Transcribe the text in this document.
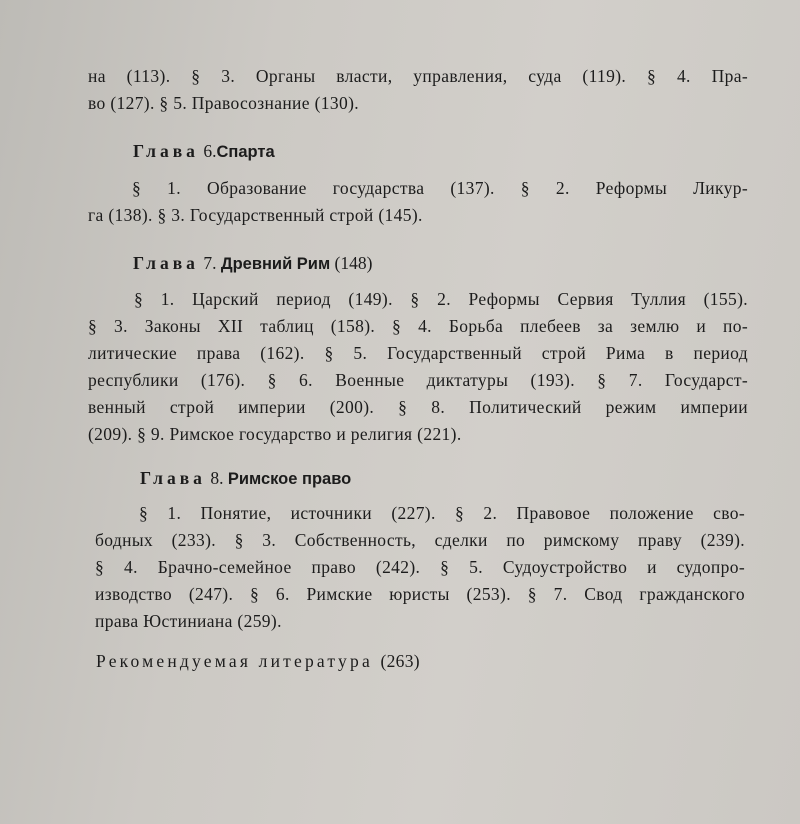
на (113). § 3. Органы власти, управления, суда (119). § 4. Пра-
во (127). § 5. Правосознание (130).
Глава 6.Спарта
§ 1. Образование государства (137). § 2. Реформы Ликур-
га (138). § 3. Государственный строй (145).
Глава 7. Древний Рим (148)
§ 1. Царский период (149). § 2. Реформы Сервия Туллия (155).
§ 3. Законы XII таблиц (158). § 4. Борьба плебеев за землю и по-
литические права (162). § 5. Государственный строй Рима в период
республики (176). § 6. Военные диктатуры (193). § 7. Государст-
венный строй империи (200). § 8. Политический режим империи
(209). § 9. Римское государство и религия (221).
Глава 8. Римское право
§ 1. Понятие, источники (227). § 2. Правовое положение сво-
бодных (233). § 3. Собственность, сделки по римскому праву (239).
§ 4. Брачно-семейное право (242). § 5. Судоустройство и судопро-
изводство (247). § 6. Римские юристы (253). § 7. Свод гражданского
права Юстиниана (259).
Рекомендуемая литература (263)
